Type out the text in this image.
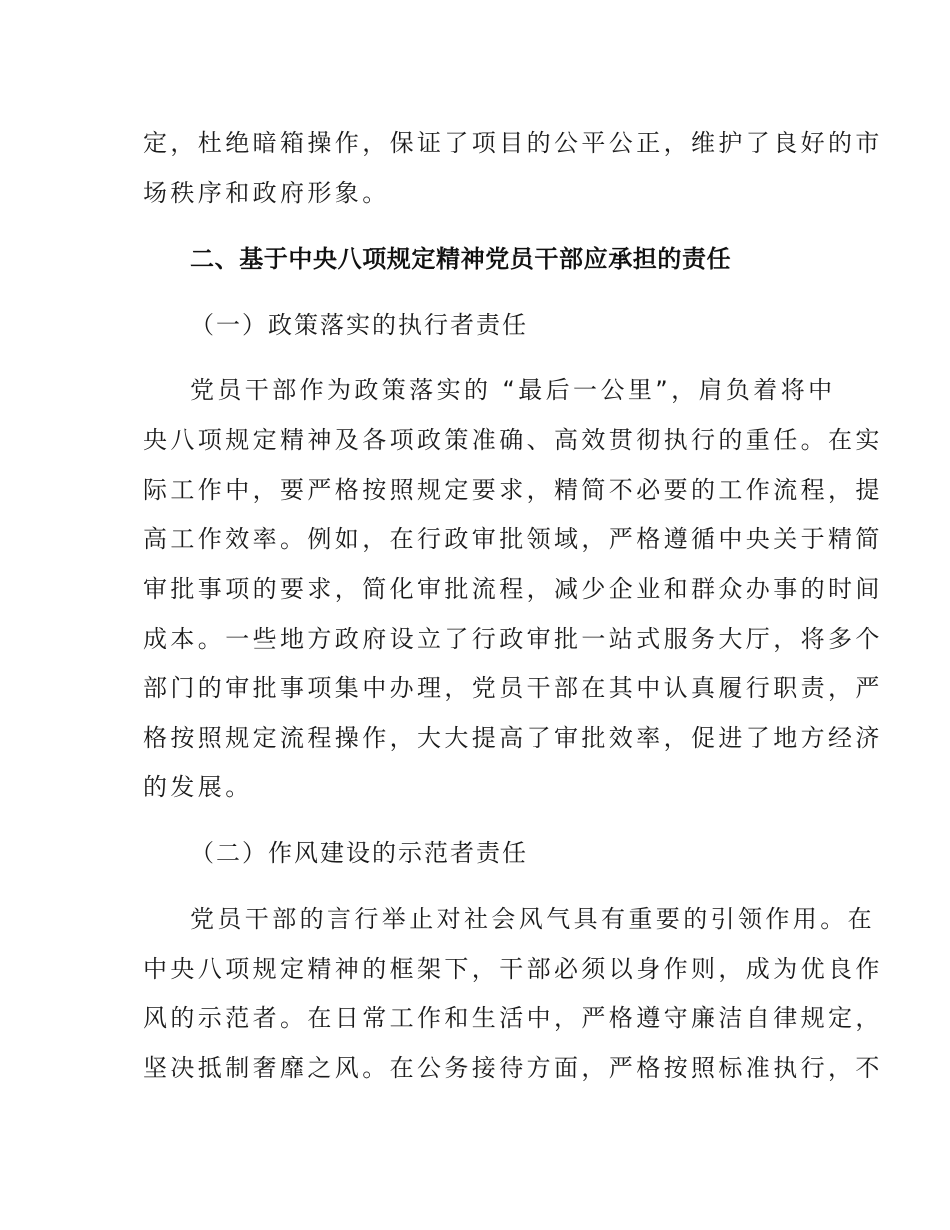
定，杜绝暗箱操作，保证了项目的公平公正，维护了良好的市

场秩序和政府形象。

二、基于中央八项规定精神党员干部应承担的责任

（一）政策落实的执行者责任

党员干部作为政策落实的 “最后一公里”，肩负着将中

央八项规定精神及各项政策准确、高效贯彻执行的重任。在实

际工作中，要严格按照规定要求，精简不必要的工作流程，提

高工作效率。例如，在行政审批领域，严格遵循中央关于精简

审批事项的要求，简化审批流程，减少企业和群众办事的时间

成本。一些地方政府设立了行政审批一站式服务大厅，将多个

部门的审批事项集中办理，党员干部在其中认真履行职责，严

格按照规定流程操作，大大提高了审批效率，促进了地方经济

的发展。

（二）作风建设的示范者责任

党员干部的言行举止对社会风气具有重要的引领作用。在

中央八项规定精神的框架下，干部必须以身作则，成为优良作

风的示范者。在日常工作和生活中，严格遵守廉洁自律规定，

坚决抵制奢靡之风。在公务接待方面，严格按照标准执行，不
